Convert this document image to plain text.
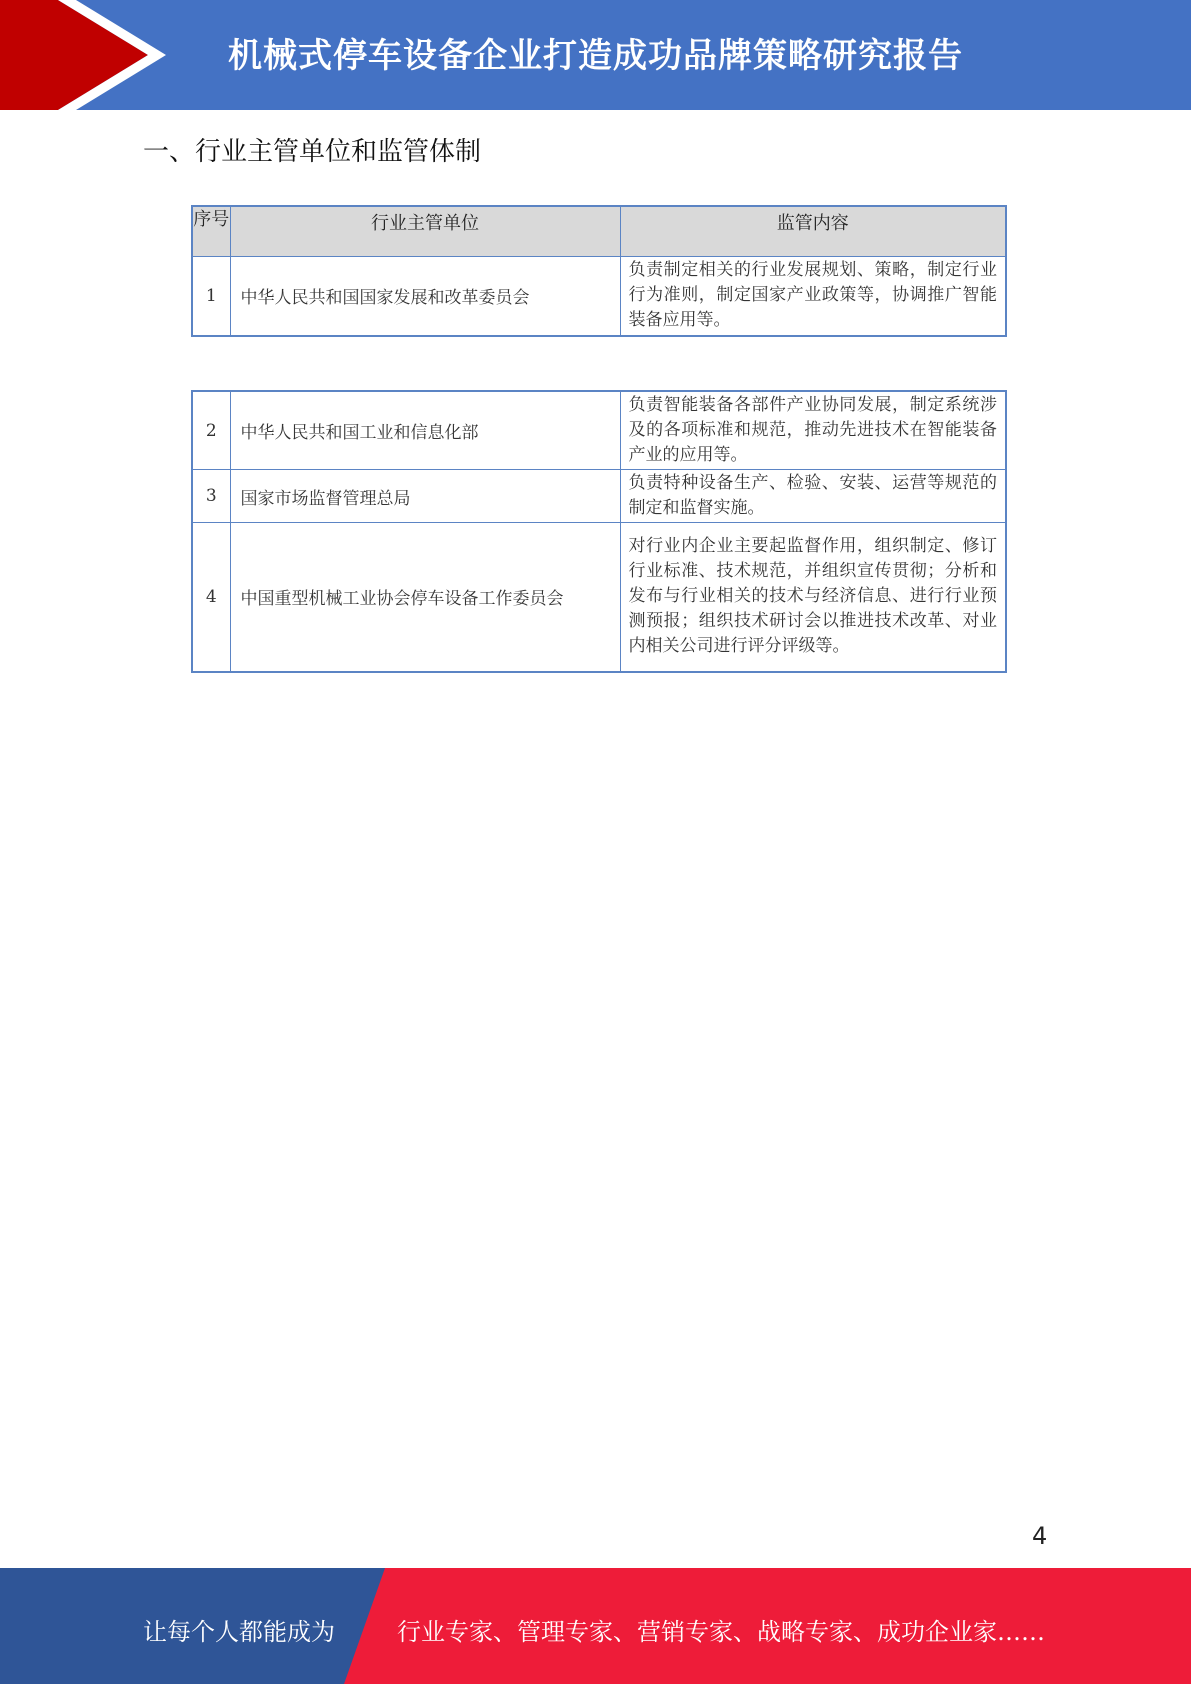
机械式停车设备企业打造成功品牌策略研究报告
一、行业主管单位和监管体制
序号	行业主管单位	监管内容
1	中华人民共和国国家发展和改革委员会	负责制定相关的行业发展规划、策略，制定行业行为准则，制定国家产业政策等，协调推广智能装备应用等。
2	中华人民共和国工业和信息化部	负责智能装备各部件产业协同发展，制定系统涉及的各项标准和规范，推动先进技术在智能装备产业的应用等。
3	国家市场监督管理总局	负责特种设备生产、检验、安装、运营等规范的制定和监督实施。
4	中国重型机械工业协会停车设备工作委员会	对行业内企业主要起监督作用，组织制定、修订行业标准、技术规范，并组织宣传贯彻；分析和发布与行业相关的技术与经济信息、进行行业预测预报；组织技术研讨会以推进技术改革、对业内相关公司进行评分评级等。
4
让每个人都能成为	行业专家、管理专家、营销专家、战略专家、成功企业家……
